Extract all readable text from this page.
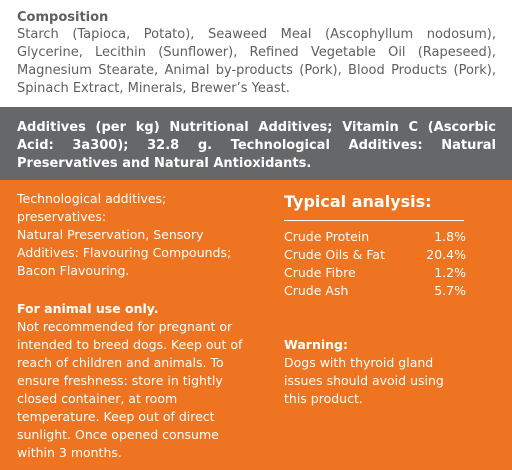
Composition

Starch (Tapioca, Potato), Seaweed Meal (Ascophyllum nodosum), Glycerine, Lecithin (Sunflower), Refined Vegetable Oil (Rapeseed), Magnesium Stearate, Animal by-products (Pork), Blood Products (Pork), Spinach Extract, Minerals, Brewer’s Yeast.

Additives (per kg) Nutritional Additives; Vitamin C (Ascorbic Acid: 3a300); 32.8 g. Technological Additives: Natural Preservatives and Natural Antioxidants.

Technological additives;

preservatives:

Natural Preservation, Sensory

Additives: Flavouring Compounds;

Bacon Flavouring.

For animal use only.

Not recommended for pregnant or

intended to breed dogs. Keep out of

reach of children and animals. To

ensure freshness: store in tightly

closed container, at room

temperature. Keep out of direct

sunlight. Once opened consume

within 3 months.

Typical analysis:
Crude Protein	1.8%
Crude Oils & Fat	20.4%
Crude Fibre	1.2%
Crude Ash	5.7%

Warning:

Dogs with thyroid gland

issues should avoid using

this product.
